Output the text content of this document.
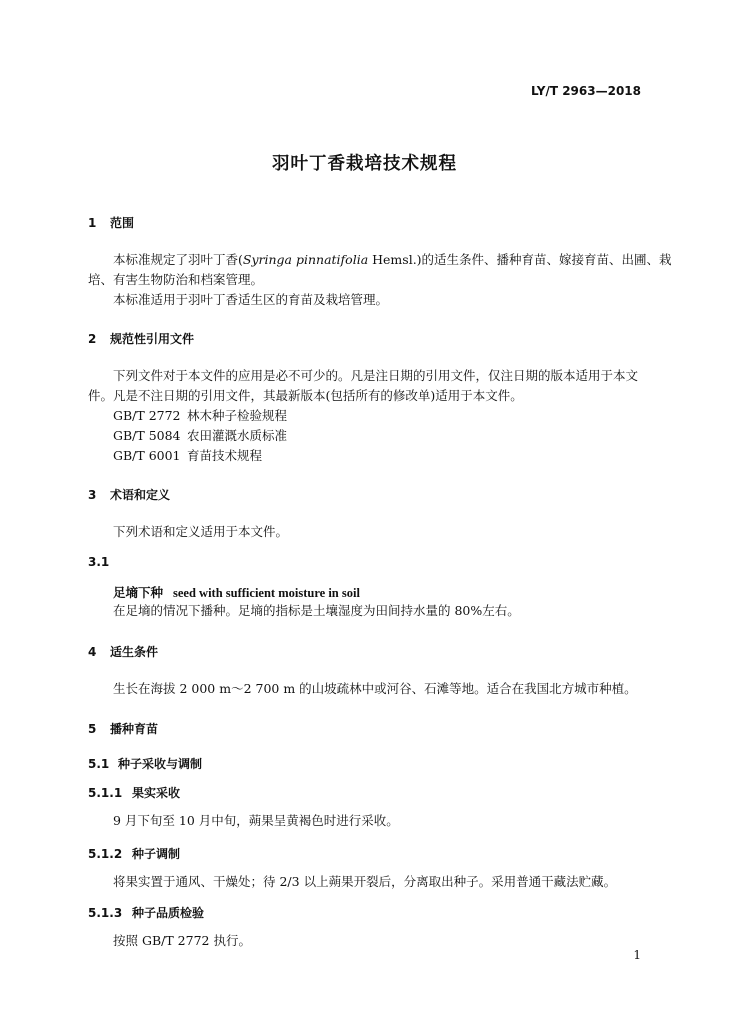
LY/T 2963—2018
羽叶丁香栽培技术规程
1 范围
本标准规定了羽叶丁香(Syringa pinnatifolia Hemsl.)的适生条件、播种育苗、嫁接育苗、出圃、栽
培、有害生物防治和档案管理。
本标准适用于羽叶丁香适生区的育苗及栽培管理。
2 规范性引用文件
下列文件对于本文件的应用是必不可少的。凡是注日期的引用文件，仅注日期的版本适用于本文
件。凡是不注日期的引用文件，其最新版本(包括所有的修改单)适用于本文件。
GB/T 2772 林木种子检验规程
GB/T 5084 农田灌溉水质标准
GB/T 6001 育苗技术规程
3 术语和定义
下列术语和定义适用于本文件。
3.1
足墒下种 seed with sufficient moisture in soil
在足墒的情况下播种。足墒的指标是土壤湿度为田间持水量的 80%左右。
4 适生条件
生长在海拔 2 000 m～2 700 m 的山坡疏林中或河谷、石滩等地。适合在我国北方城市种植。
5 播种育苗
5.1 种子采收与调制
5.1.1 果实采收
9 月下旬至 10 月中旬，蒴果呈黄褐色时进行采收。
5.1.2 种子调制
将果实置于通风、干燥处；待 2/3 以上蒴果开裂后，分离取出种子。采用普通干藏法贮藏。
5.1.3 种子品质检验
按照 GB/T 2772 执行。
1
